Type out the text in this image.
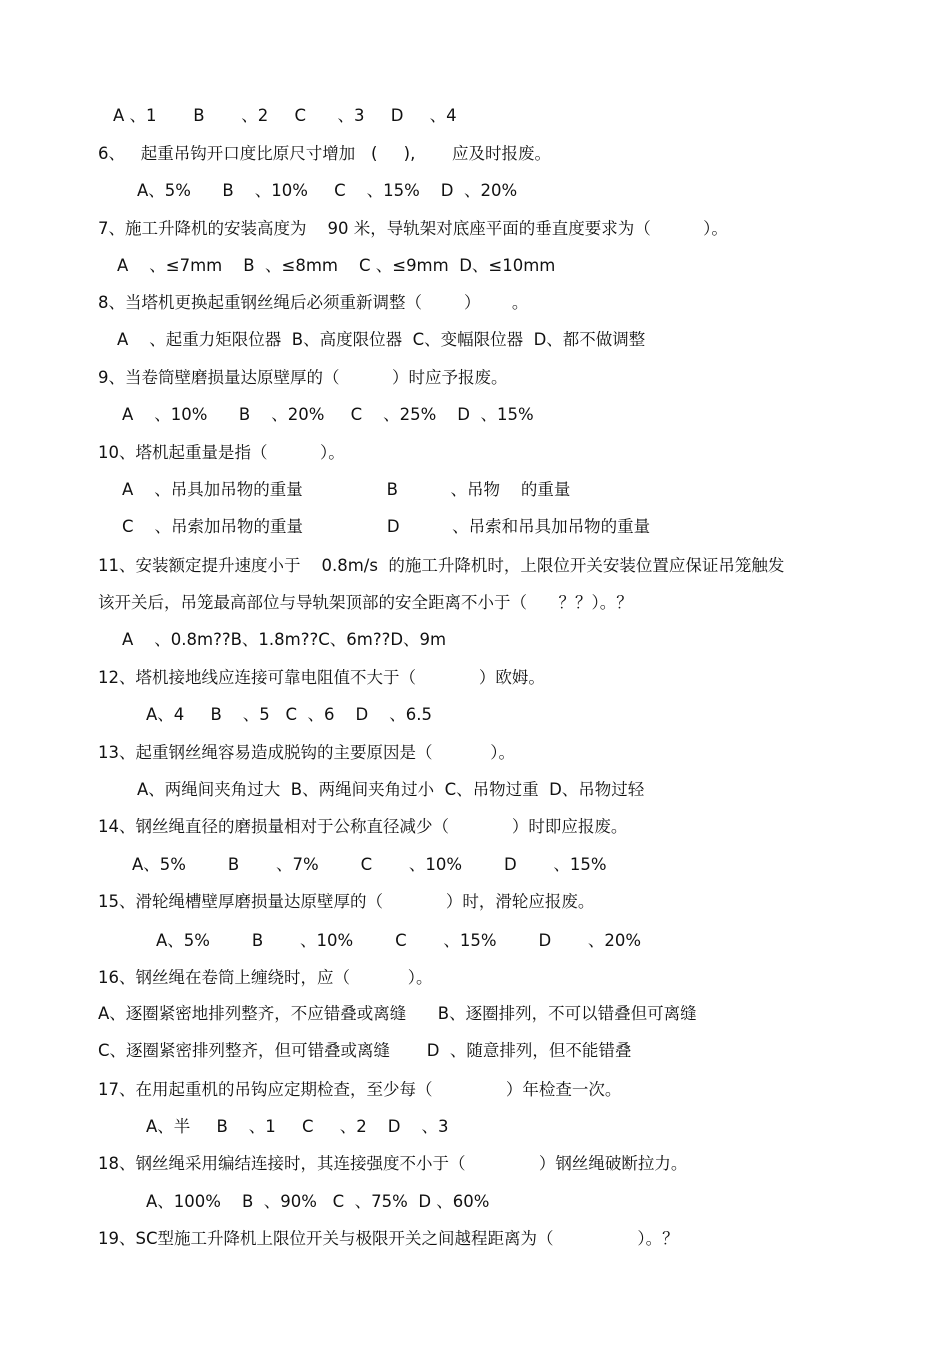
A 、1       B       、2     C      、3     D     、4
6、   起重吊钩开口度比原尺寸增加   (     ),       应及时报废。
A、5%      B    、10%     C    、15%    D  、20%
7、施工升降机的安装高度为    90 米，导轨架对底座平面的垂直度要求为（          ）。
A    、≤7mm    B  、≤8mm    C 、≤9mm  D、≤10mm
8、当塔机更换起重钢丝绳后必须重新调整（        ）      。
A    、起重力矩限位器  B、高度限位器  C、变幅限位器  D、都不做调整
9、当卷筒壁磨损量达原壁厚的（          ）时应予报废。
A    、10%      B    、20%     C    、25%    D  、15%
10、塔机起重量是指（          ）。
A    、吊具加吊物的重量                B          、吊物    的重量
C    、吊索加吊物的重量                D          、吊索和吊具加吊物的重量
11、安装额定提升速度小于    0.8m/s  的施工升降机时，上限位开关安装位置应保证吊笼触发
该开关后，吊笼最高部位与导轨架顶部的安全距离不小于（      ？？）。？
A    、0.8m??B、1.8m??C、6m??D、9m
12、塔机接地线应连接可靠电阻值不大于（            ）欧姆。
A、4     B    、5   C  、6    D    、6.5
13、起重钢丝绳容易造成脱钩的主要原因是（           ）。
A、两绳间夹角过大  B、两绳间夹角过小  C、吊物过重  D、吊物过轻
14、钢丝绳直径的磨损量相对于公称直径减少（            ）时即应报废。
A、5%        B       、7%        C       、10%        D       、15%
15、滑轮绳槽壁厚磨损量达原壁厚的（            ）时，滑轮应报废。
A、5%        B       、10%        C       、15%        D       、20%
16、钢丝绳在卷筒上缠绕时，应（           ）。
A、逐圈紧密地排列整齐，不应错叠或离缝      B、逐圈排列，不可以错叠但可离缝
C、逐圈紧密排列整齐，但可错叠或离缝       D  、随意排列，但不能错叠
17、在用起重机的吊钩应定期检查，至少每（              ）年检查一次。
A、半     B    、1     C     、2    D    、3
18、钢丝绳采用编结连接时，其连接强度不小于（              ）钢丝绳破断拉力。
A、100%    B  、90%   C  、75%  D 、60%
19、SC型施工升降机上限位开关与极限开关之间越程距离为（                ）。？
